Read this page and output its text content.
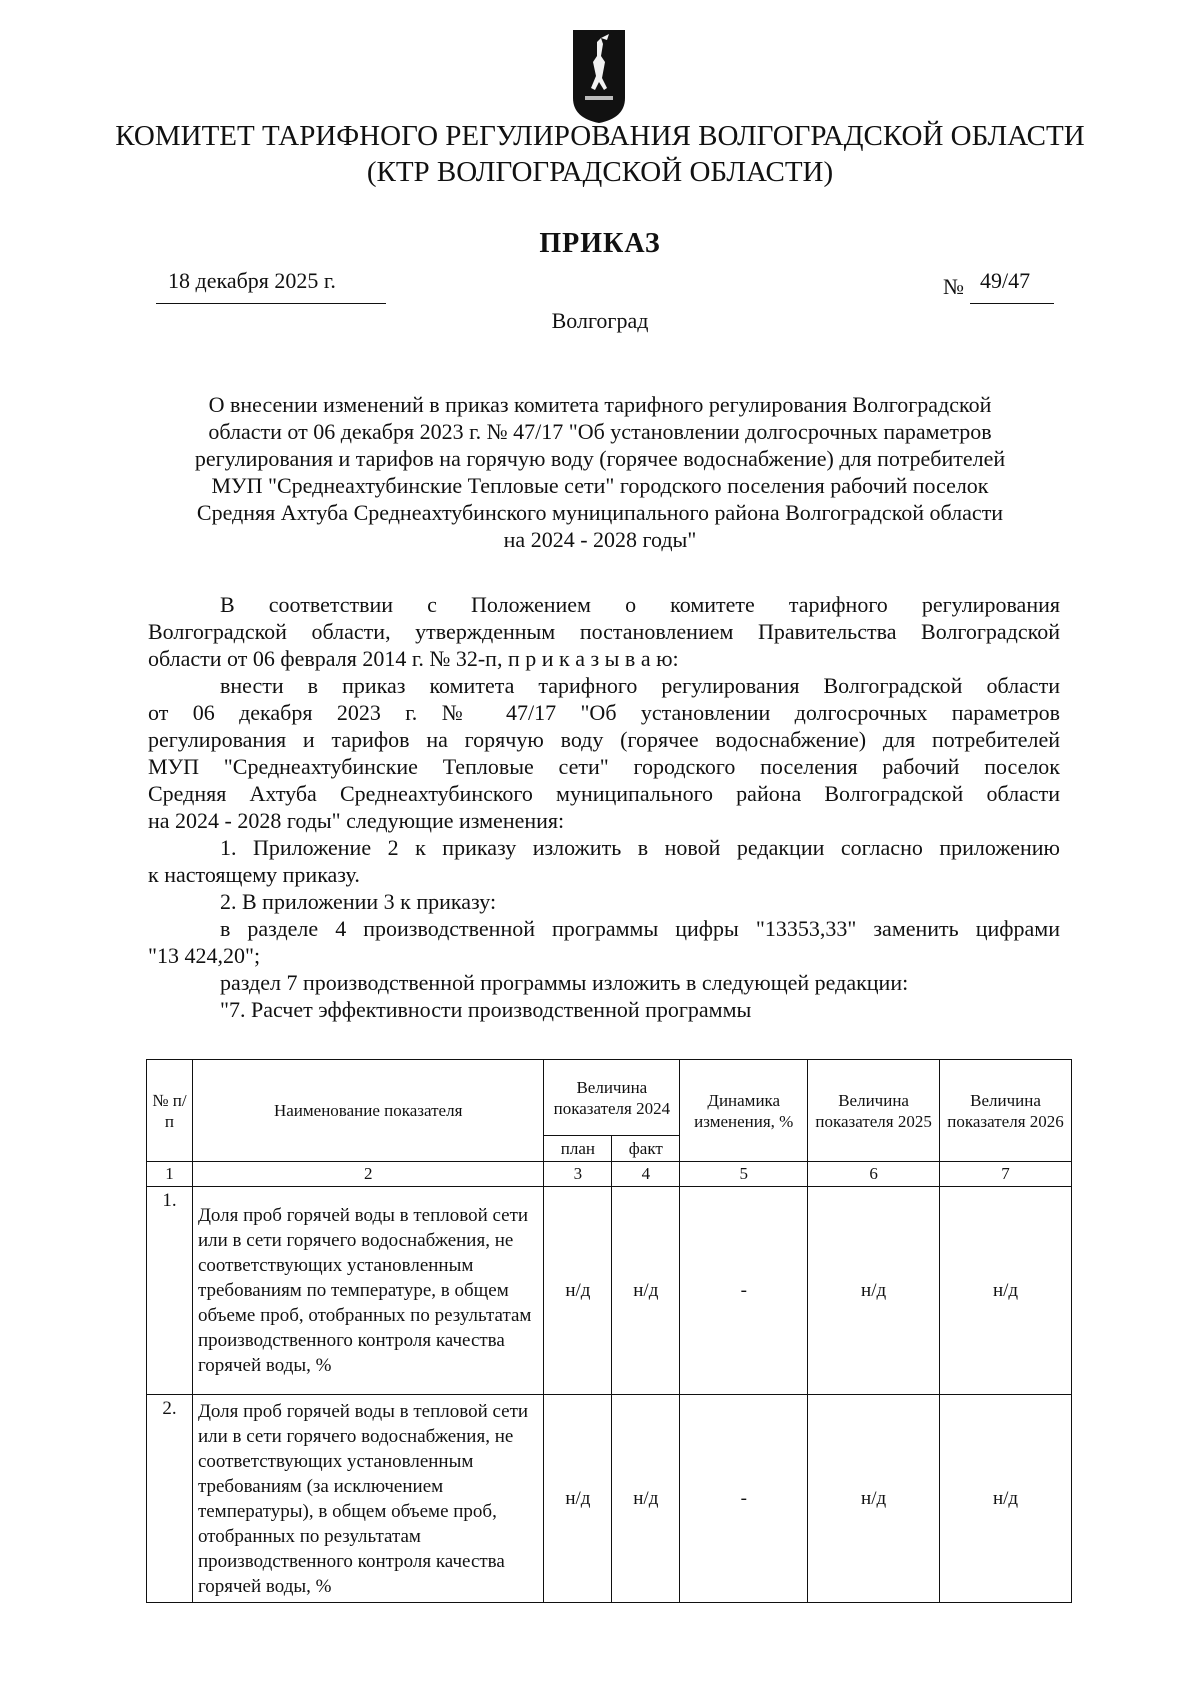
КОМИТЕТ ТАРИФНОГО РЕГУЛИРОВАНИЯ ВОЛГОГРАДСКОЙ ОБЛАСТИ
(КТР ВОЛГОГРАДСКОЙ ОБЛАСТИ)
ПРИКАЗ
18 декабря 2025 г.	№ 49/47
Волгоград
О внесении изменений в приказ комитета тарифного регулирования Волгоградской
области от 06 декабря 2023 г. № 47/17 "Об установлении долгосрочных параметров
регулирования и тарифов на горячую воду (горячее водоснабжение) для потребителей
МУП "Среднеахтубинские Тепловые сети" городского поселения рабочий поселок
Средняя Ахтуба Среднеахтубинского муниципального района Волгоградской области
на 2024 - 2028 годы"
В соответствии с Положением о комитете тарифного регулирования
Волгоградской области, утвержденным постановлением Правительства Волгоградской
области от 06 февраля 2014 г. № 32-п, п р и к а з ы в а ю:
внести в приказ комитета тарифного регулирования Волгоградской области
от 06 декабря 2023 г. № 47/17 "Об установлении долгосрочных параметров
регулирования и тарифов на горячую воду (горячее водоснабжение) для потребителей
МУП "Среднеахтубинские Тепловые сети" городского поселения рабочий поселок
Средняя Ахтуба Среднеахтубинского муниципального района Волгоградской области
на 2024 - 2028 годы" следующие изменения:
1. Приложение 2 к приказу изложить в новой редакции согласно приложению
к настоящему приказу.
2. В приложении 3 к приказу:
в разделе 4 производственной программы цифры "13353,33" заменить цифрами
"13 424,20";
раздел 7 производственной программы изложить в следующей редакции:
"7. Расчет эффективности производственной программы
№ п/п	Наименование показателя	Величина показателя 2024		Динамика изменения, %	Величина показателя 2025	Величина показателя 2026
		план	факт			
1	2	3	4	5	6	7
1.	Доля проб горячей воды в тепловой сети или в сети горячего водоснабжения, не соответствующих установленным требованиям по температуре, в общем объеме проб, отобранных по результатам производственного контроля качества горячей воды, %	н/д	н/д	-	н/д	н/д
2.	Доля проб горячей воды в тепловой сети или в сети горячего водоснабжения, не соответствующих установленным требованиям (за исключением температуры), в общем объеме проб, отобранных по результатам производственного контроля качества горячей воды, %	н/д	н/д	-	н/д	н/д
